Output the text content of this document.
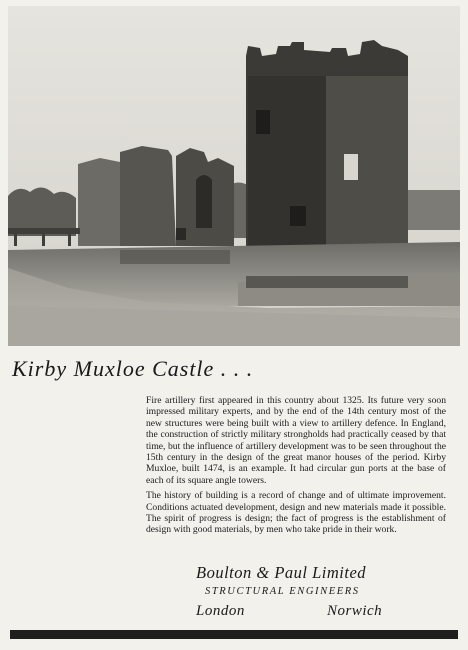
Kirby Muxloe Castle . . .

Fire artillery first appeared in this country about 1325. Its future very soon impressed military experts, and by the end of the 14th century most of the new structures were being built with a view to artillery defence. In England, the construction of strictly military strongholds had practically ceased by that time, but the influence of artillery development was to be seen throughout the 15th century in the design of the great manor houses of the period. Kirby Muxloe, built 1474, is an example. It had circular gun ports at the base of each of its square angle towers.

The history of building is a record of change and of ultimate improvement. Conditions actuated development, design and new materials made it possible. The spirit of progress is design; the fact of progress is the establishment of design with good materials, by men who take pride in their work.

Boulton & Paul Limited
STRUCTURAL ENGINEERS
London	Norwich
